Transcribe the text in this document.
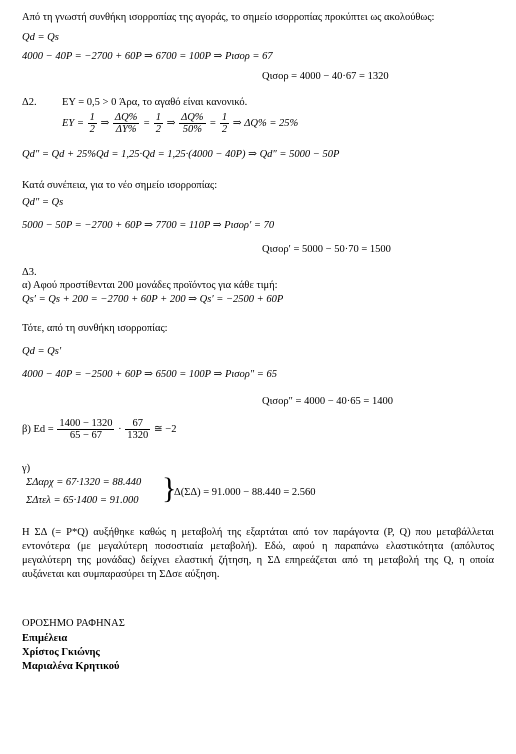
Από τη γνωστή συνθήκη ισορροπίας της αγοράς, το σημείο ισορροπίας προκύπτει ως ακολούθως:
Qd = Qs
4000 − 40P = −2700 + 60P ⇒ 6700 = 100P ⇒ Pισορ = 67
Qισορ = 4000 − 40·67 = 1320
Δ2. EY = 0,5 > 0 Άρα, το αγαθό είναι κανονικό.
EY = $\frac{1}{2}$ ⇒ $\frac{\Delta Q\%}{\Delta Y\%} = \frac{1}{2}$ ⇒ $\frac{\Delta Q\%}{50\%} = \frac{1}{2}$ ⇒ ΔQ% = 25%
Qd″ = Qd + 25%Qd = 1,25·Qd = 1,25·(4000 − 40P) ⇒ Qd″ = 5000 − 50P
Κατά συνέπεια, για το νέο σημείο ισορροπίας:
Qd″ = Qs
5000 − 50P = −2700 + 60P ⇒ 7700 = 110P ⇒ Pισορ′ = 70
Qισορ′ = 5000 − 50·70 = 1500
Δ3.
α) Αφού προστίθενται 200 μονάδες προϊόντος για κάθε τιμή:
Qs′ = Qs + 200 = −2700 + 60P + 200 ⇒ Qs′ = −2500 + 60P
Τότε, από τη συνθήκη ισορροπίας:
Qd = Qs′
4000 − 40P = −2500 + 60P ⇒ 6500 = 100P ⇒ Pισορ″ = 65
Qισορ″ = 4000 − 40·65 = 1400
β) $Ed = \frac{1400 - 1320}{65 - 67} \cdot \frac{67}{1320}$ ≅ −2
γ)
ΣΔαρχ = 67·1320 = 88.440
ΣΔτελ = 65·1400 = 91.000 }
Δ(ΣΔ) = 91.000 − 88.440 = 2.560
Η ΣΔ (= P*Q) αυξήθηκε καθώς η μεταβολή της εξαρτάται από τον παράγοντα (P, Q) που μεταβάλλεται εντονότερα (με μεγαλύτερη ποσοστιαία μεταβολή). Εδώ, αφού η παραπάνω ελαστικότητα (απόλυτος μεγαλύτερη της μονάδας) δείχνει ελαστική ζήτηση, η ΣΔ επηρεάζεται από τη μεταβολή της Q, η οποία αυξάνεται και συμπαρασύρει τη ΣΔσε αύξηση.
ΟΡΟΣΗΜΟ ΡΑΦΗΝΑΣ
Επιμέλεια
Χρίστος Γκιώνης
Μαριαλένα Κρητικού
